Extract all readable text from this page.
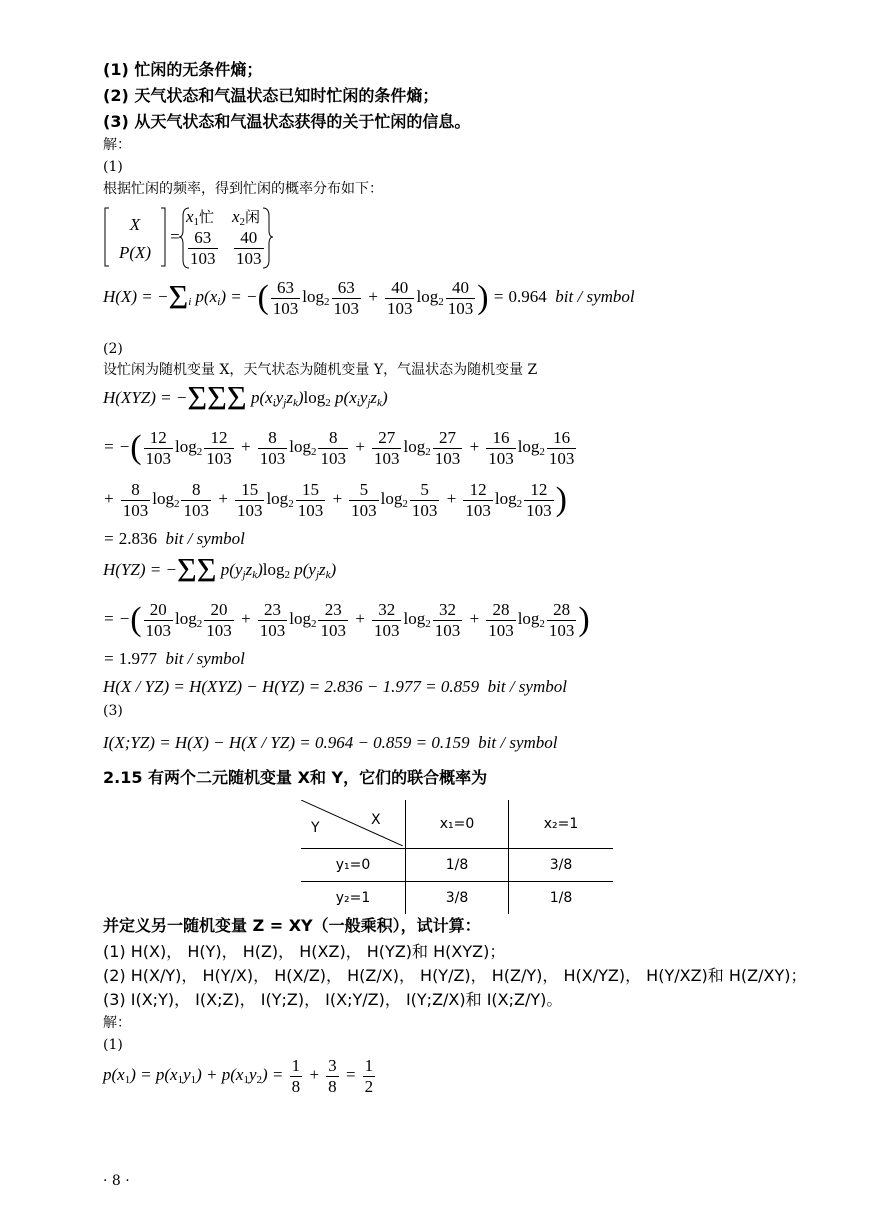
(1) 忙闲的无条件熵；
(2) 天气状态和气温状态已知时忙闲的条件熵；
(3) 从天气状态和气温状态获得的关于忙闲的信息。
解：
(1)
根据忙闲的频率，得到忙闲的概率分布如下：
X
P(X)
=
$x_1$忙 $x_2$闲
$\frac{63}{103} \frac{40}{103}$
H(X) = −Σi p(xi) = −( $\frac{63}{103} \log_2 \frac{63}{103} + \frac{40}{103} \log_2 \frac{40}{103}$ ) = 0.964 bit / symbol
(2)
设忙闲为随机变量 X，天气状态为随机变量 Y，气温状态为随机变量 Z
H(XYZ) = −ΣΣΣ $p(xiyjzk)\log_2$ p(xiyjzk)
= −( $\frac{12}{103} \log_2 \frac{12}{103} + \frac{8}{103} \log_2 \frac{8}{103} + \frac{27}{103} \log_2 \frac{27}{103} + \frac{16}{103} \log_2 \frac{16}{103}$
+ $\frac{8}{103} \log_2 \frac{8}{103} + \frac{15}{103} \log_2 \frac{15}{103} + \frac{5}{103} \log_2 \frac{5}{103} + \frac{12}{103} \log_2 \frac{12}{103}$ )
= 2.836 bit / symbol
H(YZ) = −ΣΣ $p(yjzk)\log_2$ p(yjzk)
= −( $\frac{20}{103} \log_2 \frac{20}{103} + \frac{23}{103} \log_2 \frac{23}{103} + \frac{32}{103} \log_2 \frac{32}{103} + \frac{28}{103} \log_2 \frac{28}{103}$ )
= 1.977 bit / symbol
H(X / YZ) = H(XYZ) − H(YZ) = 2.836 − 1.977 = 0.859 bit / symbol
(3)
I(X;YZ) = H(X) − H(X / YZ) = 0.964 − 0.859 = 0.159 bit / symbol
2.15 有两个二元随机变量 X和 Y，它们的联合概率为
Y X	x₁=0	x₂=1
y₁=0	1/8	3/8
y₂=1	3/8	1/8
并定义另一随机变量 Z = XY（一般乘积），试计算：
(1) H(X)， H(Y)， H(Z)， H(XZ)， H(YZ)和 H(XYZ)；
(2) H(X/Y)， H(Y/X)， H(X/Z)， H(Z/X)， H(Y/Z)， H(Z/Y)， H(X/YZ)， H(Y/XZ)和 H(Z/XY)；
(3) I(X;Y)， I(X;Z)， I(Y;Z)， I(X;Y/Z)， I(Y;Z/X)和 I(X;Z/Y)。
解：
(1)
$p(x_1) = p(x_1y_1) + p(x_1y_2) = \frac{1}{8} + \frac{3}{8} = \frac{1}{2}$
· 8 ·
